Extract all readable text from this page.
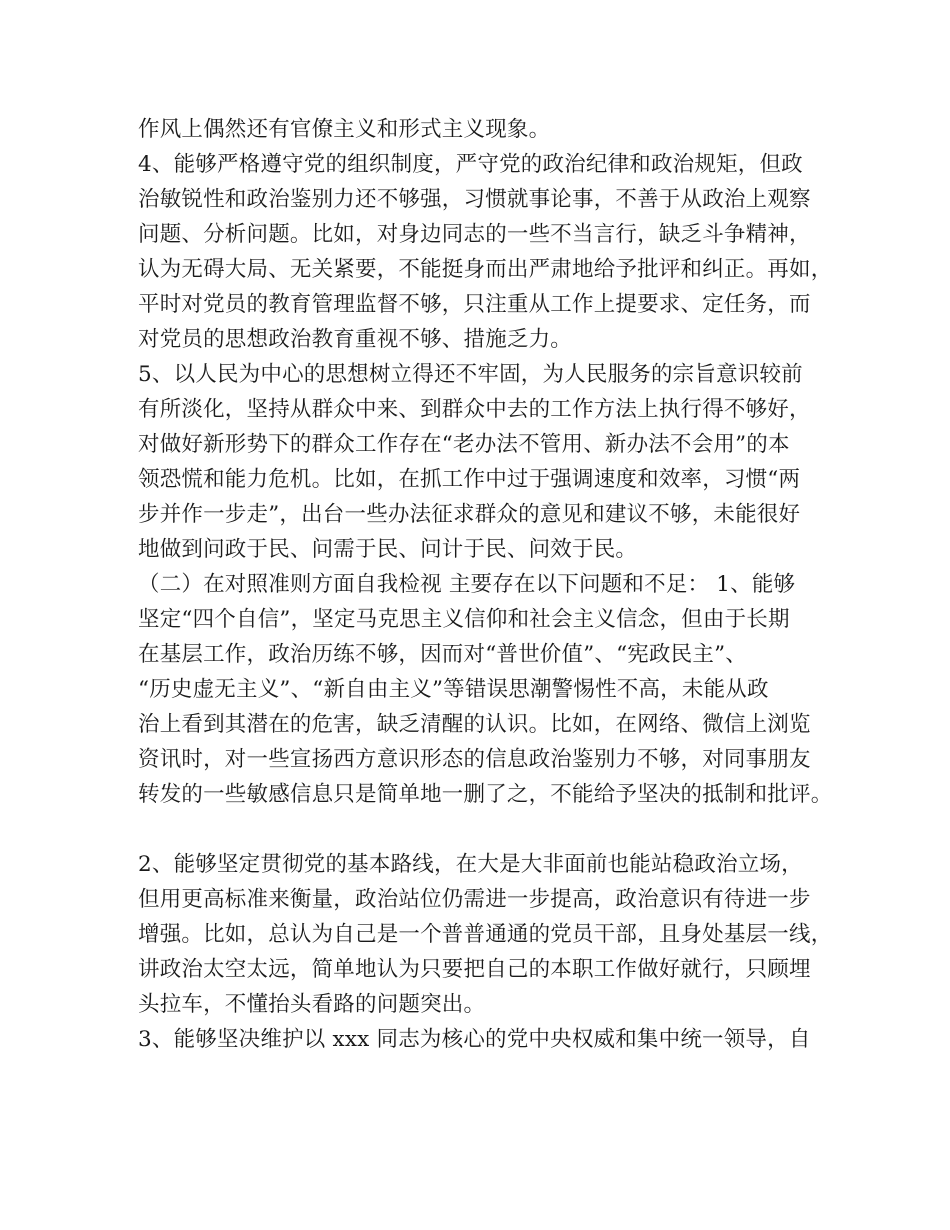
作风上偶然还有官僚主义和形式主义现象。
4、能够严格遵守党的组织制度，严守党的政治纪律和政治规矩，但政
治敏锐性和政治鉴别力还不够强，习惯就事论事，不善于从政治上观察
问题、分析问题。比如，对身边同志的一些不当言行，缺乏斗争精神，
认为无碍大局、无关紧要，不能挺身而出严肃地给予批评和纠正。再如，
平时对党员的教育管理监督不够，只注重从工作上提要求、定任务，而
对党员的思想政治教育重视不够、措施乏力。
5、以人民为中心的思想树立得还不牢固，为人民服务的宗旨意识较前
有所淡化，坚持从群众中来、到群众中去的工作方法上执行得不够好，
对做好新形势下的群众工作存在“老办法不管用、新办法不会用”的本
领恐慌和能力危机。比如，在抓工作中过于强调速度和效率，习惯“两
步并作一步走”，出台一些办法征求群众的意见和建议不够，未能很好
地做到问政于民、问需于民、问计于民、问效于民。
（二）在对照准则方面自我检视 主要存在以下问题和不足： 1、能够
坚定“四个自信”，坚定马克思主义信仰和社会主义信念，但由于长期
在基层工作，政治历练不够，因而对“普世价值”、“宪政民主”、
“历史虚无主义”、“新自由主义”等错误思潮警惕性不高，未能从政
治上看到其潜在的危害，缺乏清醒的认识。比如，在网络、微信上浏览
资讯时，对一些宣扬西方意识形态的信息政治鉴别力不够，对同事朋友
转发的一些敏感信息只是简单地一删了之，不能给予坚决的抵制和批评。
2、能够坚定贯彻党的基本路线，在大是大非面前也能站稳政治立场，
但用更高标准来衡量，政治站位仍需进一步提高，政治意识有待进一步
增强。比如，总认为自己是一个普普通通的党员干部，且身处基层一线，
讲政治太空太远，简单地认为只要把自己的本职工作做好就行，只顾埋
头拉车，不懂抬头看路的问题突出。
3、能够坚决维护以 xxx 同志为核心的党中央权威和集中统一领导，自
